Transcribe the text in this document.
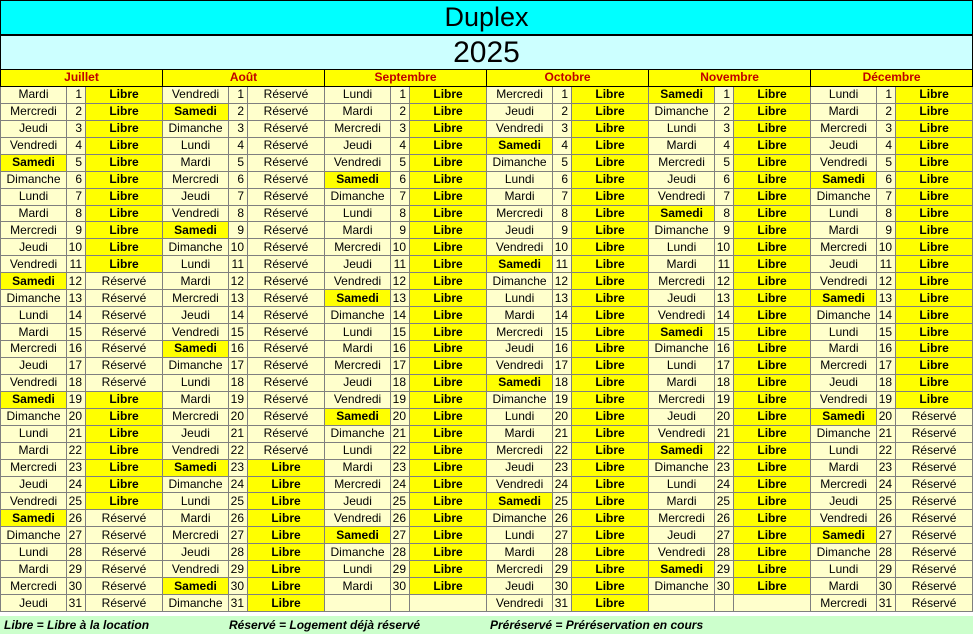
Duplex
2025
Juillet			Août			Septembre			Octobre			Novembre			Décembre		
Mardi	1	Libre	Vendredi	1	Réservé	Lundi	1	Libre	Mercredi	1	Libre	Samedi	1	Libre	Lundi	1	Libre
Mercredi	2	Libre	Samedi	2	Réservé	Mardi	2	Libre	Jeudi	2	Libre	Dimanche	2	Libre	Mardi	2	Libre
Jeudi	3	Libre	Dimanche	3	Réservé	Mercredi	3	Libre	Vendredi	3	Libre	Lundi	3	Libre	Mercredi	3	Libre
Vendredi	4	Libre	Lundi	4	Réservé	Jeudi	4	Libre	Samedi	4	Libre	Mardi	4	Libre	Jeudi	4	Libre
Samedi	5	Libre	Mardi	5	Réservé	Vendredi	5	Libre	Dimanche	5	Libre	Mercredi	5	Libre	Vendredi	5	Libre
Dimanche	6	Libre	Mercredi	6	Réservé	Samedi	6	Libre	Lundi	6	Libre	Jeudi	6	Libre	Samedi	6	Libre
Lundi	7	Libre	Jeudi	7	Réservé	Dimanche	7	Libre	Mardi	7	Libre	Vendredi	7	Libre	Dimanche	7	Libre
Mardi	8	Libre	Vendredi	8	Réservé	Lundi	8	Libre	Mercredi	8	Libre	Samedi	8	Libre	Lundi	8	Libre
Mercredi	9	Libre	Samedi	9	Réservé	Mardi	9	Libre	Jeudi	9	Libre	Dimanche	9	Libre	Mardi	9	Libre
Jeudi	10	Libre	Dimanche	10	Réservé	Mercredi	10	Libre	Vendredi	10	Libre	Lundi	10	Libre	Mercredi	10	Libre
Vendredi	11	Libre	Lundi	11	Réservé	Jeudi	11	Libre	Samedi	11	Libre	Mardi	11	Libre	Jeudi	11	Libre
Samedi	12	Réservé	Mardi	12	Réservé	Vendredi	12	Libre	Dimanche	12	Libre	Mercredi	12	Libre	Vendredi	12	Libre
Dimanche	13	Réservé	Mercredi	13	Réservé	Samedi	13	Libre	Lundi	13	Libre	Jeudi	13	Libre	Samedi	13	Libre
Lundi	14	Réservé	Jeudi	14	Réservé	Dimanche	14	Libre	Mardi	14	Libre	Vendredi	14	Libre	Dimanche	14	Libre
Mardi	15	Réservé	Vendredi	15	Réservé	Lundi	15	Libre	Mercredi	15	Libre	Samedi	15	Libre	Lundi	15	Libre
Mercredi	16	Réservé	Samedi	16	Réservé	Mardi	16	Libre	Jeudi	16	Libre	Dimanche	16	Libre	Mardi	16	Libre
Jeudi	17	Réservé	Dimanche	17	Réservé	Mercredi	17	Libre	Vendredi	17	Libre	Lundi	17	Libre	Mercredi	17	Libre
Vendredi	18	Réservé	Lundi	18	Réservé	Jeudi	18	Libre	Samedi	18	Libre	Mardi	18	Libre	Jeudi	18	Libre
Samedi	19	Libre	Mardi	19	Réservé	Vendredi	19	Libre	Dimanche	19	Libre	Mercredi	19	Libre	Vendredi	19	Libre
Dimanche	20	Libre	Mercredi	20	Réservé	Samedi	20	Libre	Lundi	20	Libre	Jeudi	20	Libre	Samedi	20	Réservé
Lundi	21	Libre	Jeudi	21	Réservé	Dimanche	21	Libre	Mardi	21	Libre	Vendredi	21	Libre	Dimanche	21	Réservé
Mardi	22	Libre	Vendredi	22	Réservé	Lundi	22	Libre	Mercredi	22	Libre	Samedi	22	Libre	Lundi	22	Réservé
Mercredi	23	Libre	Samedi	23	Libre	Mardi	23	Libre	Jeudi	23	Libre	Dimanche	23	Libre	Mardi	23	Réservé
Jeudi	24	Libre	Dimanche	24	Libre	Mercredi	24	Libre	Vendredi	24	Libre	Lundi	24	Libre	Mercredi	24	Réservé
Vendredi	25	Libre	Lundi	25	Libre	Jeudi	25	Libre	Samedi	25	Libre	Mardi	25	Libre	Jeudi	25	Réservé
Samedi	26	Réservé	Mardi	26	Libre	Vendredi	26	Libre	Dimanche	26	Libre	Mercredi	26	Libre	Vendredi	26	Réservé
Dimanche	27	Réservé	Mercredi	27	Libre	Samedi	27	Libre	Lundi	27	Libre	Jeudi	27	Libre	Samedi	27	Réservé
Lundi	28	Réservé	Jeudi	28	Libre	Dimanche	28	Libre	Mardi	28	Libre	Vendredi	28	Libre	Dimanche	28	Réservé
Mardi	29	Réservé	Vendredi	29	Libre	Lundi	29	Libre	Mercredi	29	Libre	Samedi	29	Libre	Lundi	29	Réservé
Mercredi	30	Réservé	Samedi	30	Libre	Mardi	30	Libre	Jeudi	30	Libre	Dimanche	30	Libre	Mardi	30	Réservé
Jeudi	31	Réservé	Dimanche	31	Libre				Vendredi	31	Libre				Mercredi	31	Réservé
Libre = Libre à la location	Réservé = Logement déjà réservé	Préréservé = Préréservation en cours
